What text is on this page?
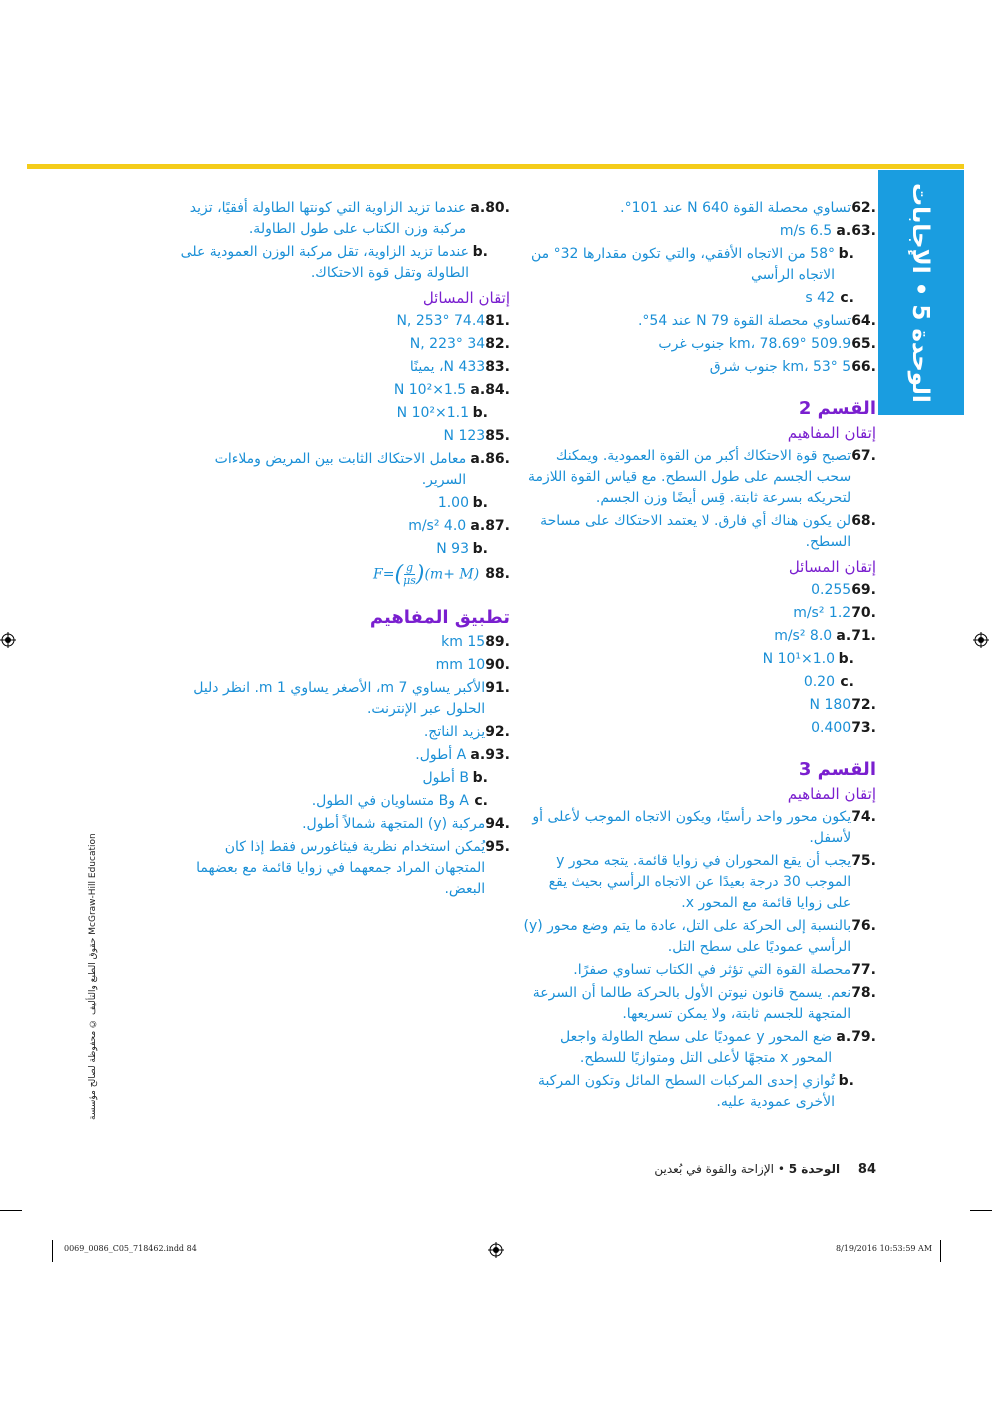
الوحدة 5 • الإجابات
.62
تساوي محصلة القوة 640 N عند 101°.
.63
.a
6.5 m/s
.b
58° من الاتجاه الأفقي، والتي تكون مقدارها 32° من الاتجاه الرأسي
.c
42 s
.64
تساوي محصلة القوة 79 N عند 54°.
.65
509.9 km، 78.69° جنوب غرب
.66
5 km، 53° جنوب شرق
القسم 2
إتقان المفاهيم
.67
تصبح قوة الاحتكاك أكبر من القوة العمودية. ويمكنك سحب الجسم على طول السطح. مع قياس القوة اللازمة لتحريكه بسرعة ثابتة. قِس أيضًا وزن الجسم.
.68
لن يكون هناك أي فارق. لا يعتمد الاحتكاك على مساحة السطح.
إتقان المسائل
.69
0.255
.70
1.2 m/s²
.71
.a
8.0 m/s²
.b
1.0×10¹ N
.c
0.20
.72
180 N
.73
0.400
القسم 3
إتقان المفاهيم
.74
يكون محور واحد رأسيًا، ويكون الاتجاه الموجب لأعلى أو لأسفل.
.75
يجب أن يقع المحوران في زوايا قائمة. يتجه محور y الموجب 30 درجة بعيدًا عن الاتجاه الرأسي بحيث يقع على زوايا قائمة مع المحور x.
.76
بالنسبة إلى الحركة على التل، عادة ما يتم وضع محور (y) الرأسي عموديًا على سطح التل.
.77
محصلة القوة التي تؤثر في الكتاب تساوي صفرًا.
.78
نعم. يسمح قانون نيوتن الأول بالحركة طالما أن السرعة المتجهة للجسم ثابتة، ولا يمكن تسريعها.
.79
.a
ضع المحور y عموديًا على سطح الطاولة واجعل المحور x متجهًا لأعلى التل ومتوازيًا للسطح.
.b
تُوازي إحدى المركبات السطح المائل وتكون المركبة الأخرى عمودية عليه.
.80
.a
عندما تزيد الزاوية التي كونتها الطاولة أفقيًا، تزيد مركبة وزن الكتاب على طول الطاولة.
.b
عندما تزيد الزاوية، تقل مركبة الوزن العمودية على الطاولة وتقل قوة الاحتكاك.
إتقان المسائل
.81
74.4 N, 253°
.82
34 N, 223°
.83
433 N، يمينًا
.84
.a
1.5×10² N
.b
1.1×10² N
.85
123 N
.86
.a
معامل الاحتكاك الثابت بين المريض وملاءات السرير.
.b
1.00
.87
.a
4.0 m/s²
.b
93 N
.88
$F=( \frac{g}{\mu s} )(m+ M)$
تطبيق المفاهيم
.89
15 km
.90
10 mm
.91
الأكبر يساوي 7 m، الأصغر يساوي 1 m. انظر دليل الحلول عبر الإنترنت.
.92
يزيد الناتج.
.93
.a
A أطول.
.b
B أطول
.c
A وB متساويان في الطول.
.94
مركبة (y) المتجهة شمالاً أطول.
.95
يُمكن استخدام نظرية فيثاغورس فقط إذا كان المتجهان المراد جمعهما في زوايا قائمة مع بعضهما البعض.
حقوق الطبع والتأليف © محفوظة لصالح مؤسسة McGraw-Hill Education
84 الوحدة 5 • الإزاحة والقوة في بُعدين
0069_0086_C05_718462.indd 84	8/19/2016 10:53:59 AM
